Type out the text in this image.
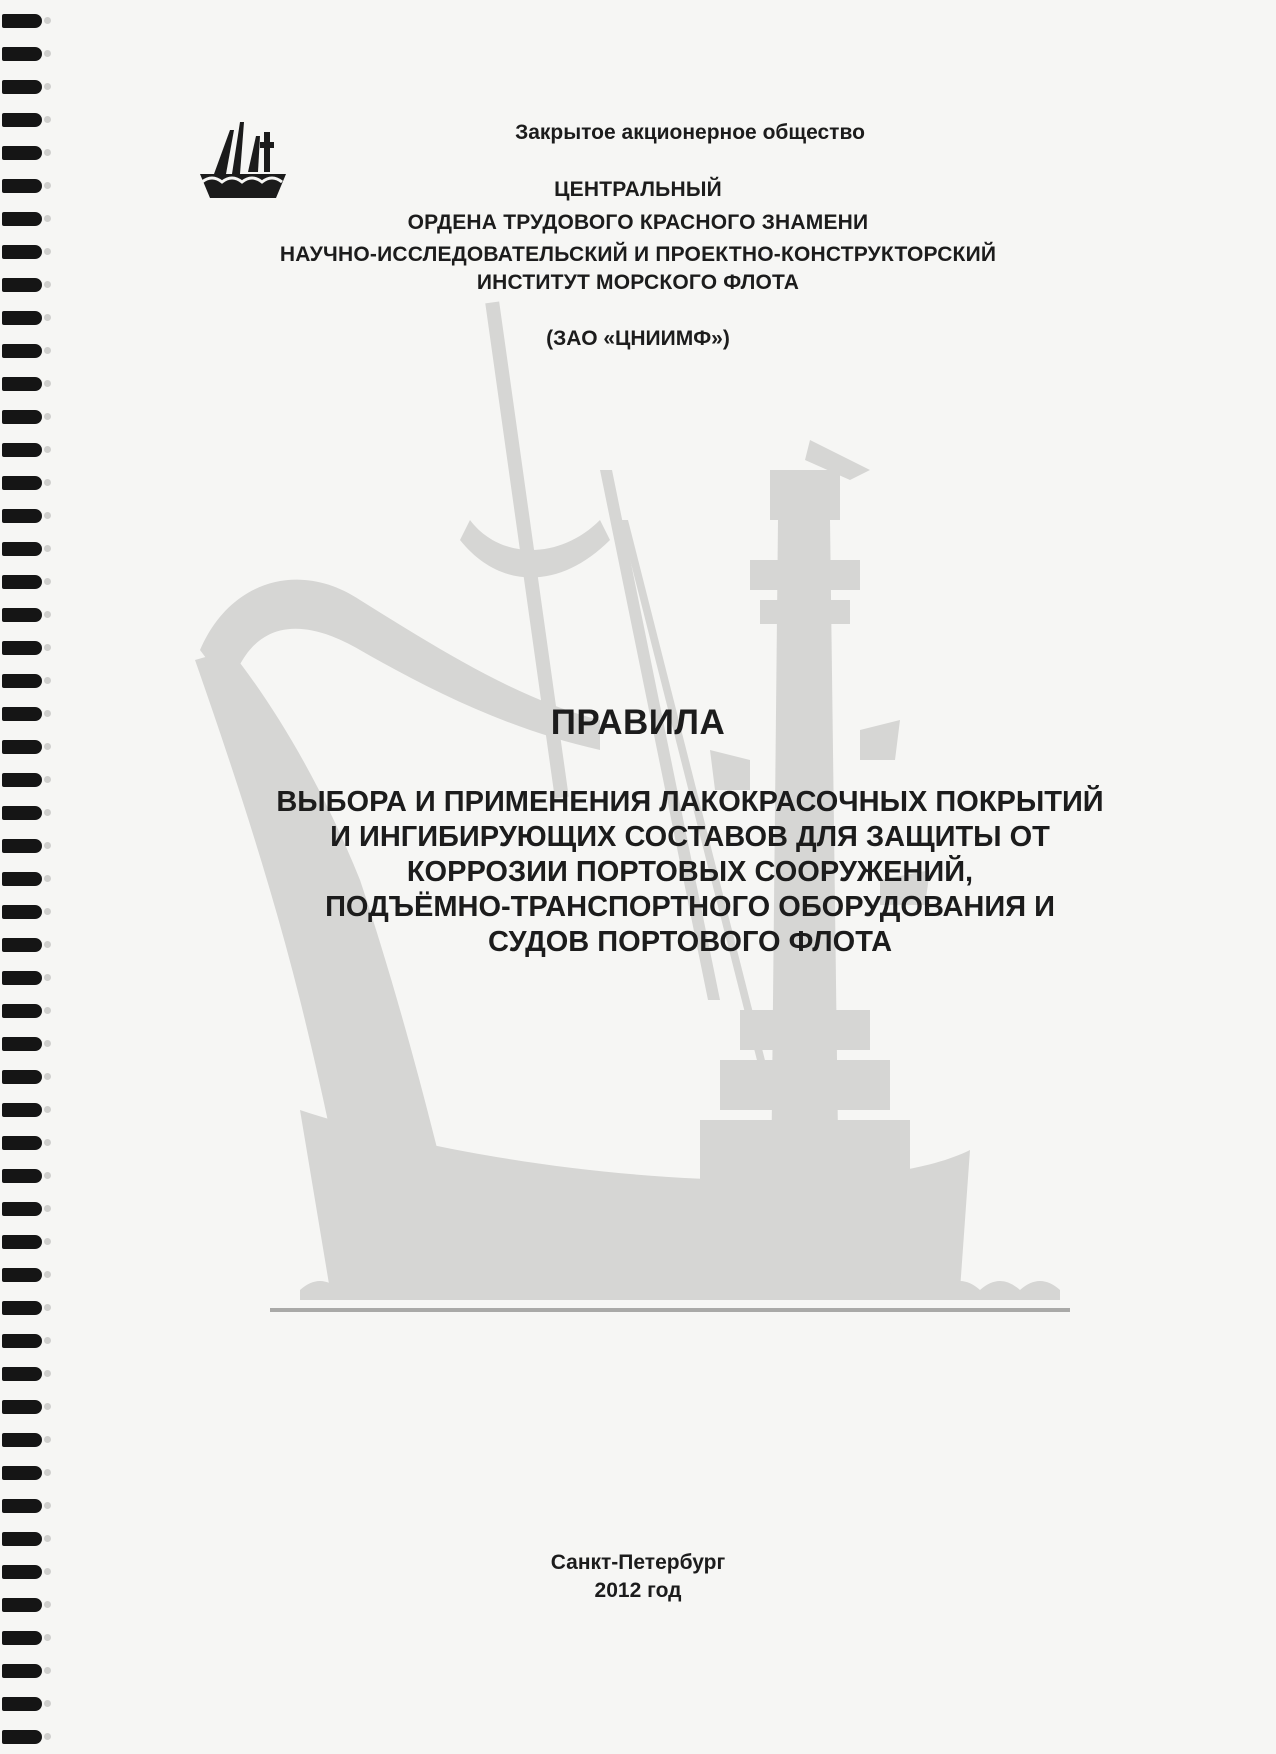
Закрытое акционерное общество
ЦЕНТРАЛЬНЫЙ
ОРДЕНА ТРУДОВОГО КРАСНОГО ЗНАМЕНИ
НАУЧНО-ИССЛЕДОВАТЕЛЬСКИЙ И ПРОЕКТНО-КОНСТРУКТОРСКИЙ
ИНСТИТУТ МОРСКОГО ФЛОТА
(ЗАО «ЦНИИМФ»)
ПРАВИЛА
ВЫБОРА И ПРИМЕНЕНИЯ ЛАКОКРАСОЧНЫХ ПОКРЫТИЙ
И ИНГИБИРУЮЩИХ СОСТАВОВ ДЛЯ ЗАЩИТЫ ОТ
КОРРОЗИИ ПОРТОВЫХ СООРУЖЕНИЙ,
ПОДЪЁМНО-ТРАНСПОРТНОГО ОБОРУДОВАНИЯ И
СУДОВ ПОРТОВОГО ФЛОТА
Санкт-Петербург
2012 год
